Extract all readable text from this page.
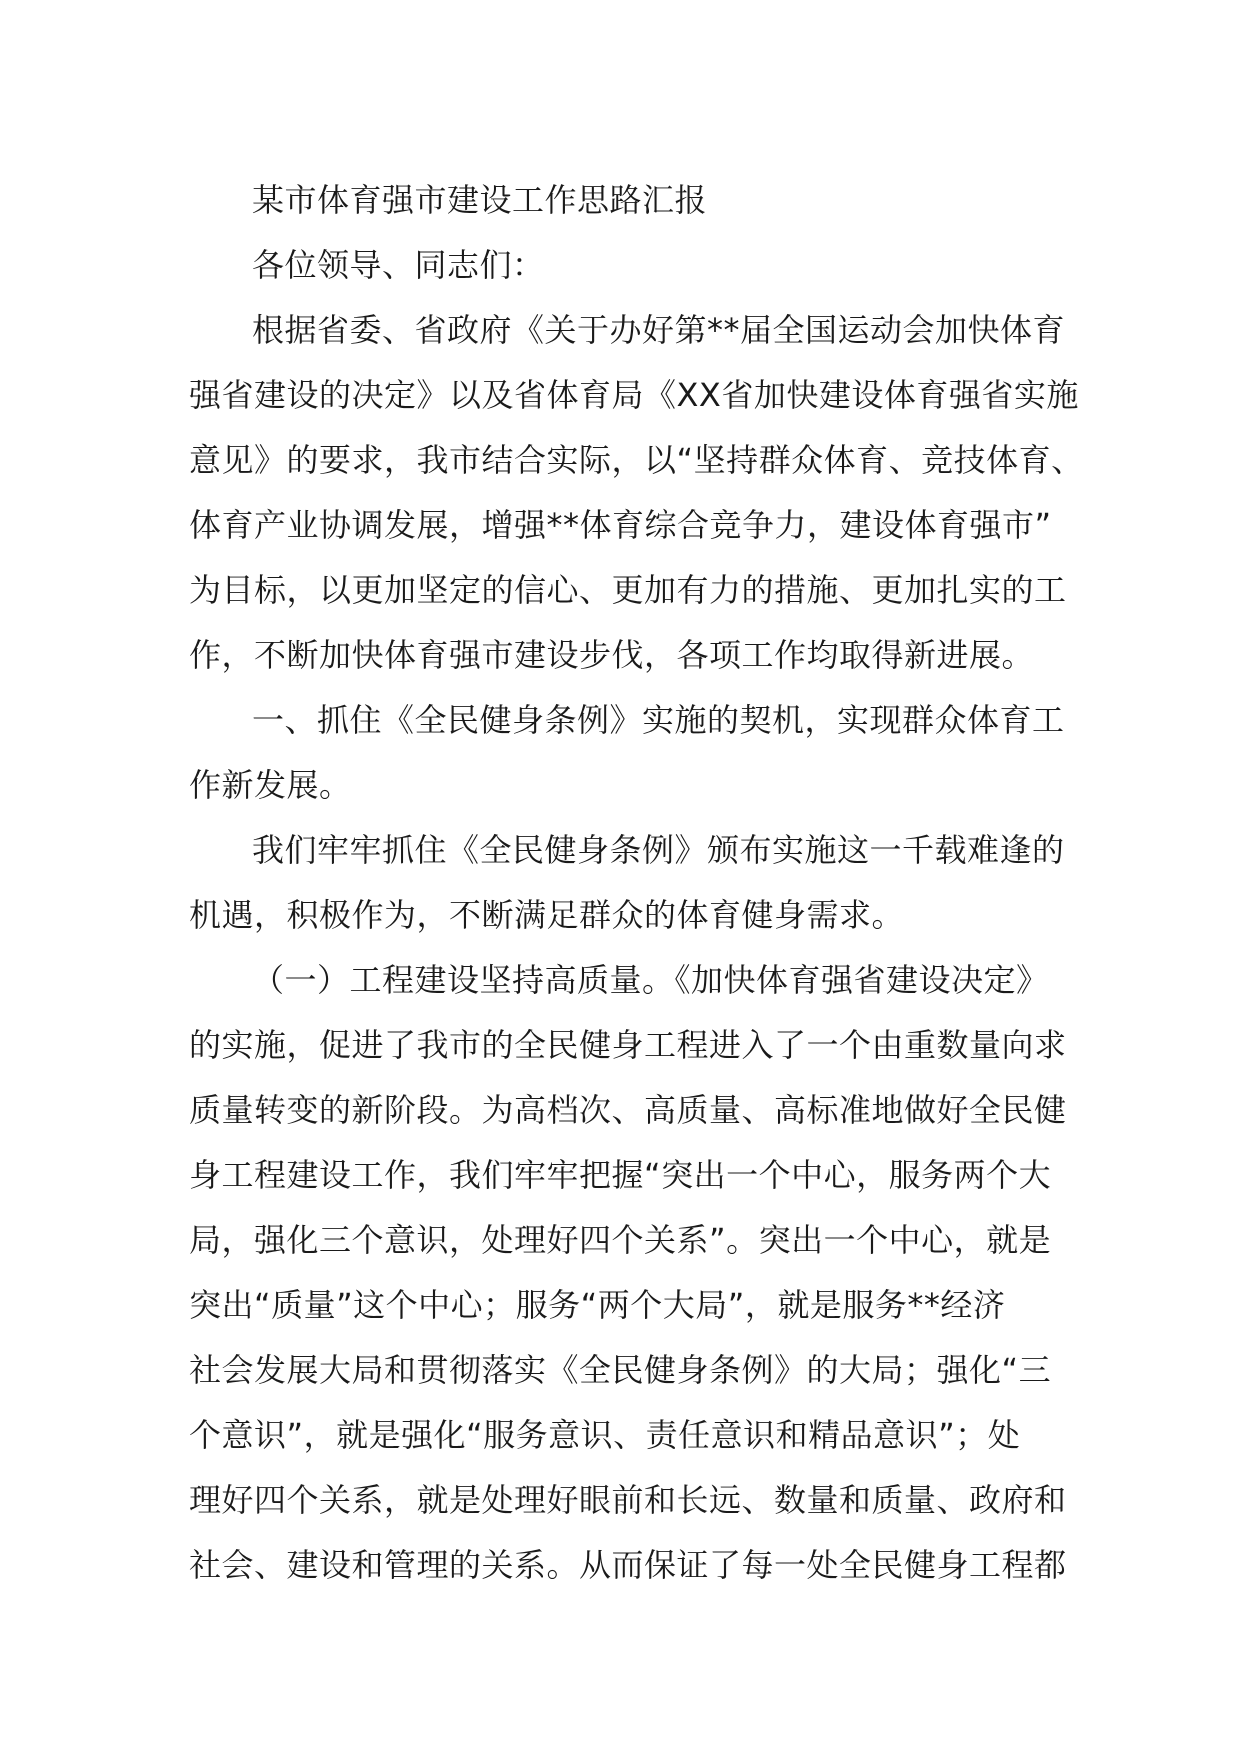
某市体育强市建设工作思路汇报
各位领导、同志们：
根据省委、省政府《关于办好第**届全国运动会加快体育
强省建设的决定》以及省体育局《XX省加快建设体育强省实施
意见》的要求，我市结合实际，以“坚持群众体育、竞技体育、
体育产业协调发展，增强**体育综合竞争力，建设体育强市”
为目标，以更加坚定的信心、更加有力的措施、更加扎实的工
作，不断加快体育强市建设步伐，各项工作均取得新进展。
一、抓住《全民健身条例》实施的契机，实现群众体育工
作新发展。
我们牢牢抓住《全民健身条例》颁布实施这一千载难逢的
机遇，积极作为，不断满足群众的体育健身需求。
（一）工程建设坚持高质量。《加快体育强省建设决定》
的实施，促进了我市的全民健身工程进入了一个由重数量向求
质量转变的新阶段。为高档次、高质量、高标准地做好全民健
身工程建设工作，我们牢牢把握“突出一个中心，服务两个大
局，强化三个意识，处理好四个关系”。突出一个中心，就是
突出“质量”这个中心；服务“两个大局”，就是服务**经济
社会发展大局和贯彻落实《全民健身条例》的大局；强化“三
个意识”，就是强化“服务意识、责任意识和精品意识”；处
理好四个关系，就是处理好眼前和长远、数量和质量、政府和
社会、建设和管理的关系。从而保证了每一处全民健身工程都
